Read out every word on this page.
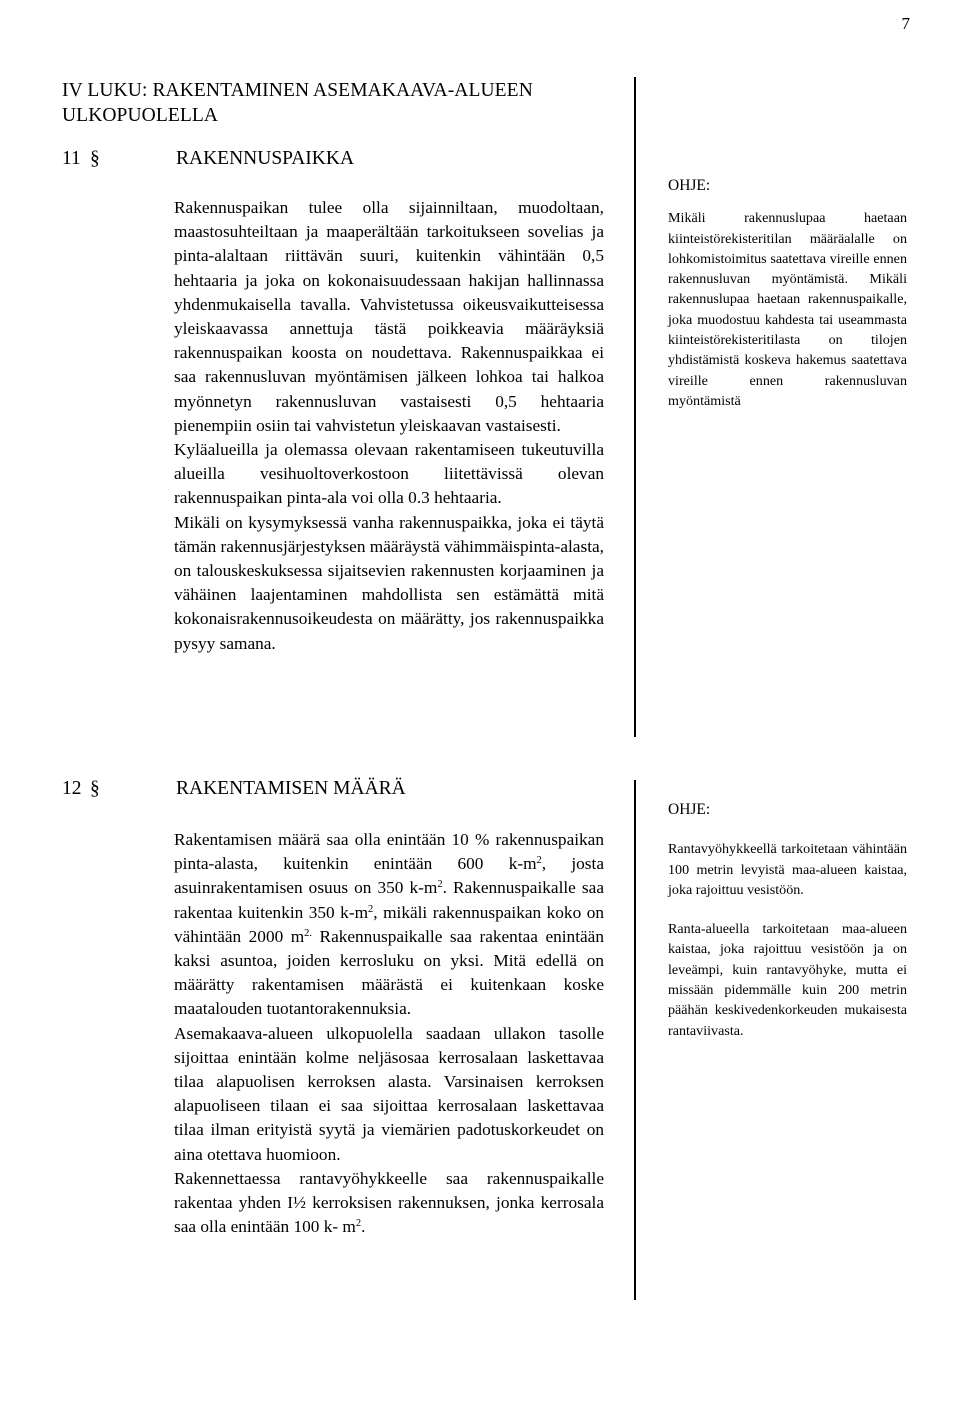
7
IV LUKU: RAKENTAMINEN ASEMAKAAVA-ALUEEN ULKOPUOLELLA
11 §	RAKENNUSPAIKKA

Rakennuspaikan tulee olla sijainniltaan, muodoltaan, maastosuhteiltaan ja maaperältään tarkoitukseen sovelias ja pinta-alaltaan riittävän suuri, kuitenkin vähintään 0,5 hehtaaria ja joka on kokonaisuudessaan hakijan hallinnassa yhdenmukaisella tavalla. Vahvistetussa oikeusvaikutteisessa yleiskaavassa annettuja tästä poikkeavia määräyksiä rakennuspaikan koosta on noudettava. Rakennuspaikkaa ei saa rakennusluvan myöntämisen jälkeen lohkoa tai halkoa myönnetyn rakennusluvan vastaisesti 0,5 hehtaaria pienempiin osiin tai vahvistetun yleiskaavan vastaisesti.

Kyläalueilla ja olemassa olevaan rakentamiseen tukeutuvilla alueilla vesihuoltoverkostoon liitettävissä olevan rakennuspaikan pinta-ala voi olla 0.3 hehtaaria.

Mikäli on kysymyksessä vanha rakennuspaikka, joka ei täytä tämän rakennusjärjestyksen määräystä vähimmäispinta-alasta, on talouskeskuksessa sijaitsevien rakennusten korjaaminen ja vähäinen laajentaminen mahdollista sen estämättä mitä kokonaisrakennusoikeudesta on määrätty, jos rakennuspaikka pysyy samana.

OHJE:

Mikäli rakennuslupaa haetaan kiinteistörekisteritilan määräalalle on lohkomistoimitus saatettava vireille ennen rakennusluvan myöntämistä. Mikäli rakennuslupaa haetaan rakennuspaikalle, joka muodostuu kahdesta tai useammasta kiinteistörekisteritilasta on tilojen yhdistämistä koskeva hakemus saatettava vireille ennen rakennusluvan myöntämistä

12 §	RAKENTAMISEN MÄÄRÄ

Rakentamisen määrä saa olla enintään 10 % rakennuspaikan pinta-alasta, kuitenkin enintään 600 $k-m^2$, josta asuinrakentamisen osuus on 350 $k-m^2$. Rakennuspaikalle saa rakentaa kuitenkin 350 $k-m^2$, mikäli rakennuspaikan koko on vähintään 2000 $m^{2.}$ Rakennuspaikalle saa rakentaa enintään kaksi asuntoa, joiden kerrosluku on yksi. Mitä edellä on määrätty rakentamisen määrästä ei kuitenkaan koske maatalouden tuotantorakennuksia.

Asemakaava-alueen ulkopuolella saadaan ullakon tasolle sijoittaa enintään kolme neljäsosaa kerrosalaan laskettavaa tilaa alapuolisen kerroksen alasta. Varsinaisen kerroksen alapuoliseen tilaan ei saa sijoittaa kerrosalaan laskettavaa tilaa ilman erityistä syytä ja viemärien padotuskorkeudet on aina otettava huomioon.

Rakennettaessa rantavyöhykkeelle saa rakennuspaikalle rakentaa yhden I½ kerroksisen rakennuksen, jonka kerrosala saa olla enintään 100 k- $m^2$.

OHJE:

Rantavyöhykkeellä tarkoitetaan vähintään 100 metrin levyistä maa-alueen kaistaa, joka rajoittuu vesistöön.

Ranta-alueella tarkoitetaan maa-alueen kaistaa, joka rajoittuu vesistöön ja on leveämpi, kuin rantavyöhyke, mutta ei missään pidemmälle kuin 200 metrin päähän keskivedenkorkeuden mukaisesta rantaviivasta.
